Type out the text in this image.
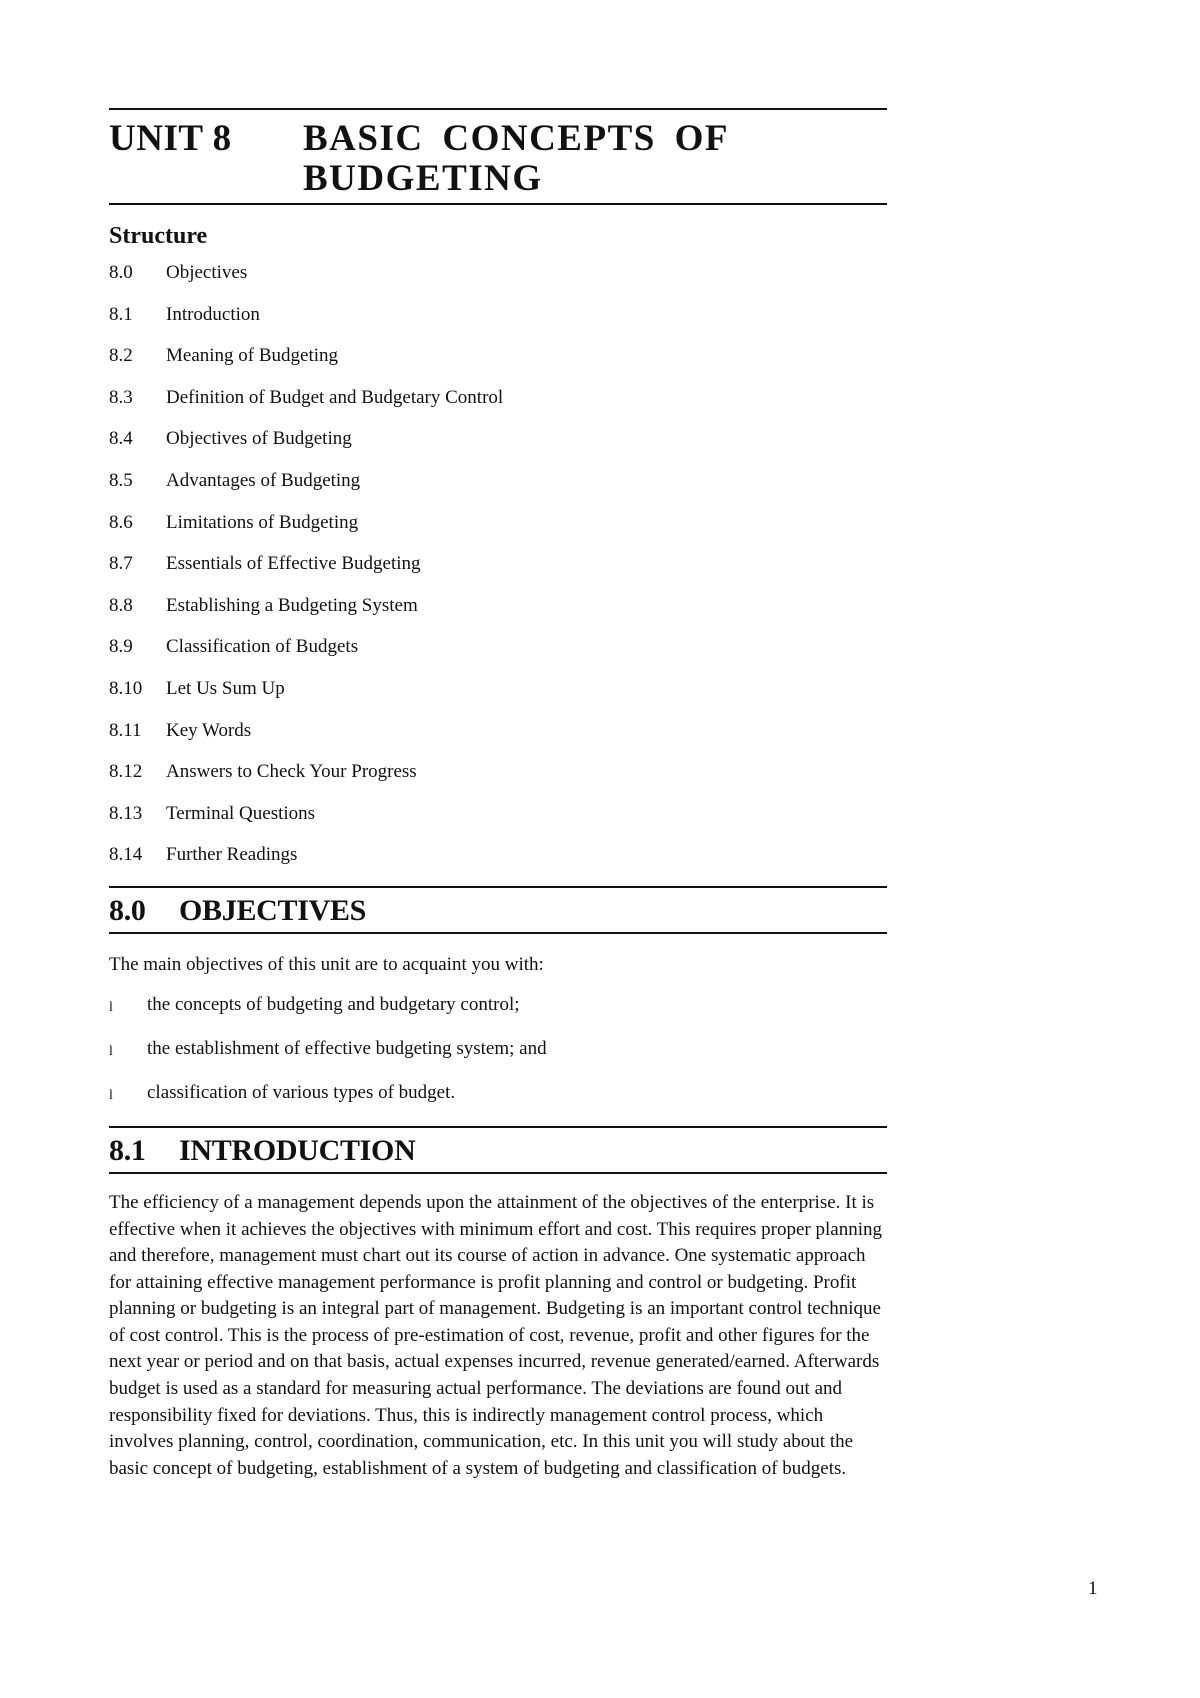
UNIT 8	BASIC CONCEPTS OF BUDGETING
Structure
8.0	Objectives
8.1	Introduction
8.2	Meaning of Budgeting
8.3	Definition of Budget and Budgetary Control
8.4	Objectives of Budgeting
8.5	Advantages of Budgeting
8.6	Limitations of Budgeting
8.7	Essentials of Effective Budgeting
8.8	Establishing a Budgeting System
8.9	Classification of Budgets
8.10	Let Us Sum Up
8.11	Key Words
8.12	Answers to Check Your Progress
8.13	Terminal Questions
8.14	Further Readings
8.0	OBJECTIVES
The main objectives of this unit are to acquaint you with:
l	the concepts of budgeting and budgetary control;
l	the establishment of effective budgeting system; and
l	classification of various types of budget.
8.1	INTRODUCTION
The efficiency of a management depends upon the attainment of the objectives of the enterprise. It is effective when it achieves the objectives with minimum effort and cost. This requires proper planning and therefore, management must chart out its course of action in advance. One systematic approach for attaining effective management performance is profit planning and control or budgeting. Profit planning or budgeting is an integral part of management. Budgeting is an important control technique of cost control. This is the process of pre-estimation of cost, revenue, profit and other figures for the next year or period and on that basis, actual expenses incurred, revenue generated/earned. Afterwards budget is used as a standard for measuring actual performance. The deviations are found out and responsibility fixed for deviations. Thus, this is indirectly management control process, which involves planning, control, coordination, communication, etc. In this unit you will study about the basic concept of budgeting, establishment of a system of budgeting and classification of budgets.
1
